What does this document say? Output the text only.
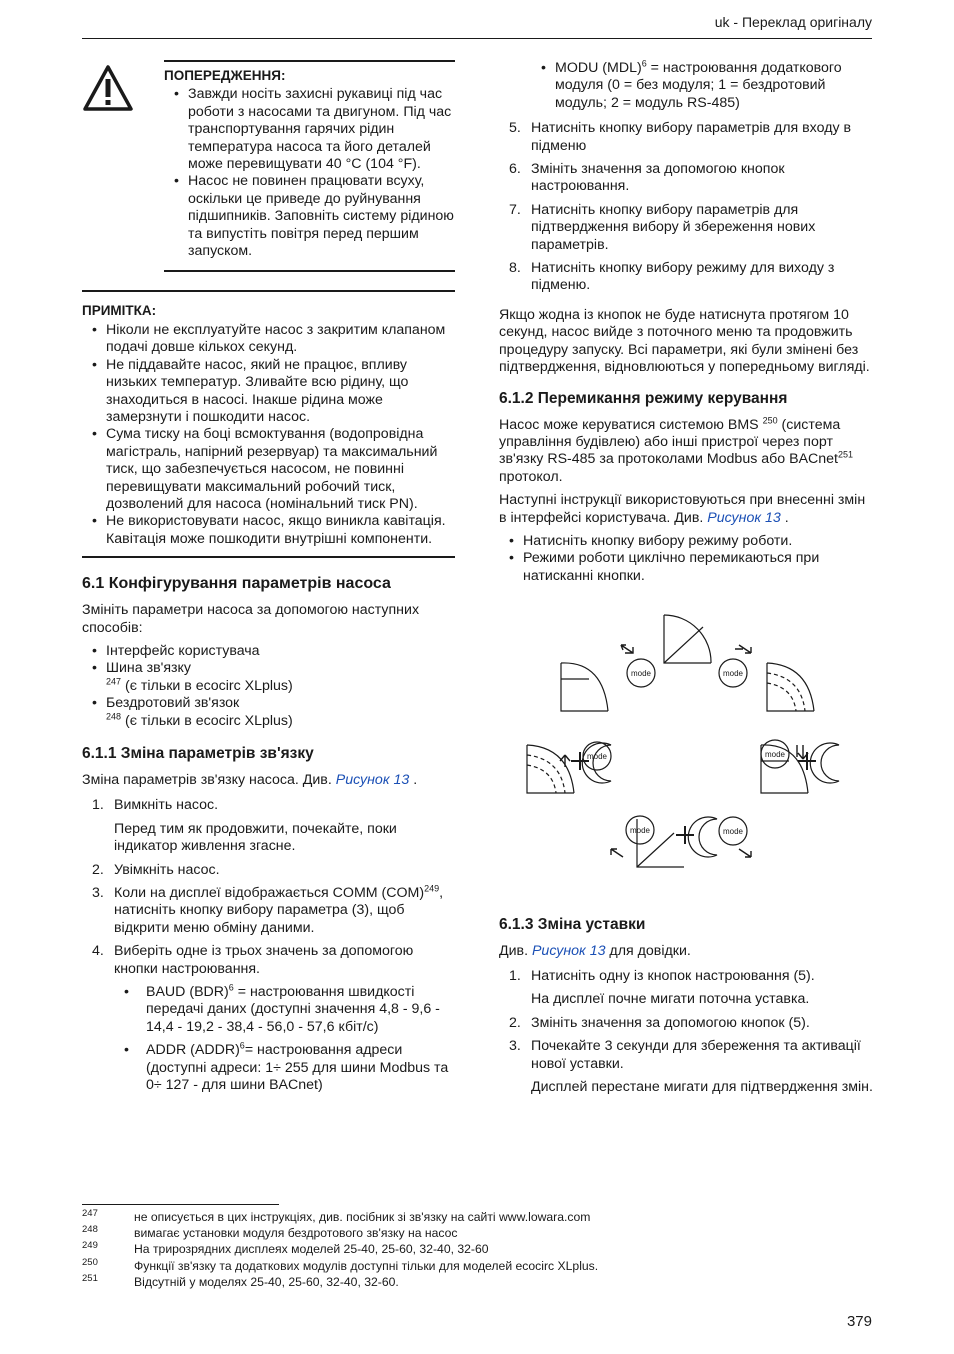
uk - Переклад оригіналу
ПОПЕРЕДЖЕННЯ:
• Завжди носіть захисні рукавиці під час роботи з насосами та двигуном. Під час транспортування гарячих рідин температура насоса та його деталей може перевищувати 40 °C (104 °F).
• Насос не повинен працювати всуху, оскільки це приведе до руйнування підшипників. Заповніть систему рідиною та випустіть повітря перед першим запуском.
ПРИМІТКА:
• Ніколи не експлуатуйте насос з закритим клапаном подачі довше кількох секунд.
• Не піддавайте насос, який не працює, впливу низьких температур. Зливайте всю рідину, що знаходиться в насосі. Інакше рідина може замерзнути і пошкодити насос.
• Сума тиску на боці всмоктування (водопровідна магістраль, напірний резервуар) та максимальний тиск, що забезпечується насосом, не повинні перевищувати максимальний робочий тиск, дозволений для насоса (номінальний тиск PN).
• Не використовувати насос, якщо виникла кавітація. Кавітація може пошкодити внутрішні компоненти.
6.1 Конфігурування параметрів насоса

Змініть параметри насоса за допомогою наступних способів:

• Інтерфейс користувача
• Шина зв'язку
$^{247}$ (є тільки в ecocirc XLplus)
• Бездротовий зв'язок
$^{248}$ (є тільки в ecocirc XLplus)
6.1.1 Зміна параметрів зв'язку

Зміна параметрів зв'язку насоса. Див. Рисунок 13 .

1. Вимкніть насос.
Перед тим як продовжити, почекайте, поки індикатор живлення згасне.
2. Увімкніть насос.
3. Коли на дисплеї відображається COMM (COM)$^{249}$, натисніть кнопку вибору параметра (3), щоб відкрити меню обміну даними.
4. Виберіть одне із трьох значень за допомогою кнопки настроювання.
• BAUD (BDR)$^6$ = настроювання швидкості передачі даних (доступні значення 4,8 - 9,6 - 14,4 - 19,2 - 38,4 - 56,0 - 57,6 кбіт/с)
• ADDR (ADDR)$^6$= настроювання адреси (доступні адреси: 1÷ 255 для шини Modbus та 0÷ 127 - для шини BACnet)
• MODU (MDL)$^6$ = настроювання додаткового модуля (0 = без модуля; 1 = бездротовий модуль; 2 = модуль RS-485)
5. Натисніть кнопку вибору параметрів для входу в підменю
6. Змініть значення за допомогою кнопок настроювання.
7. Натисніть кнопку вибору параметрів для підтвердження вибору й збереження нових параметрів.
8. Натисніть кнопку вибору режиму для виходу з підменю.

Якщо жодна із кнопок не буде натиснута протягом 10 секунд, насос вийде з поточного меню та продовжить процедуру запуску. Всі параметри, які були змінені без підтвердження, відновлюються у попередньому вигляді.

6.1.2 Перемикання режиму керування

Насос може керуватися системою BMS $^{250}$ (система управління будівлею) або інші пристрої через порт зв'язку RS-485 за протоколами Modbus або BACnet$^{251}$ протокол.

Наступні інструкції використовуються при внесенні змін в інтерфейсі користувача. Див. Рисунок 13 .

• Натисніть кнопку вибору режиму роботи.
• Режими роботи циклічно перемикаються при натисканні кнопки.
mode	mode
mode	mode
mode	mode
6.1.3 Зміна уставки

Див. Рисунок 13 для довідки.

1. Натисніть одну із кнопок настроювання (5).
На дисплеї почне мигати поточна уставка.
2. Змініть значення за допомогою кнопок (5).
3. Почекайте 3 секунди для збереження та активації нової уставки.
Дисплей перестане мигати для підтвердження змін.
247	не описується в цих інструкціях, див. посібник зі зв'язку на сайті www.lowara.com
248	вимагає установки модуля бездротового зв'язку на насос
249	На трирозрядних дисплеях моделей 25-40, 25-60, 32-40, 32-60
250	Функції зв'язку та додаткових модулів доступні тільки для моделей ecocirc XLplus.
251	Відсутній у моделях 25-40, 25-60, 32-40, 32-60.
379
